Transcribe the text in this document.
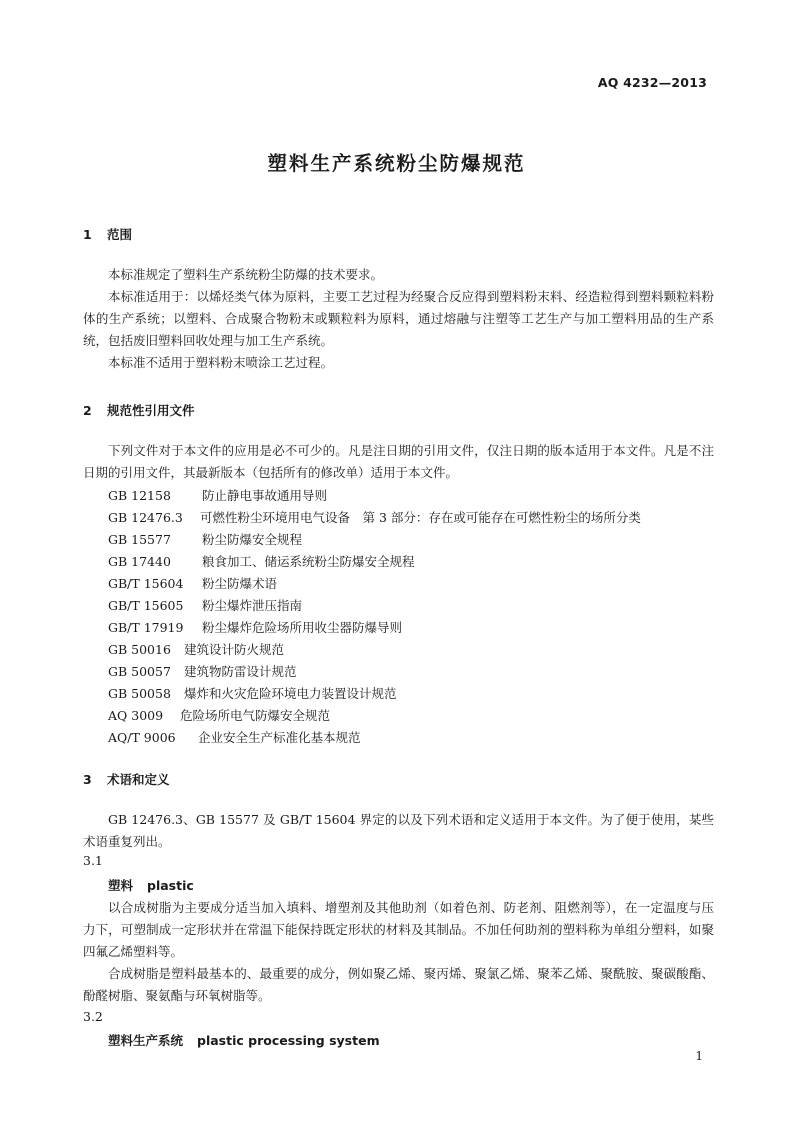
AQ 4232—2013
塑料生产系统粉尘防爆规范
1 范围
本标准规定了塑料生产系统粉尘防爆的技术要求。
本标准适用于：以烯烃类气体为原料，主要工艺过程为经聚合反应得到塑料粉末料、经造粒得到塑料颗粒料粉体的生产系统；以塑料、合成聚合物粉末或颗粒料为原料，通过熔融与注塑等工艺生产与加工塑料用品的生产系统，包括废旧塑料回收处理与加工生产系统。
本标准不适用于塑料粉末喷涂工艺过程。
2 规范性引用文件
下列文件对于本文件的应用是必不可少的。凡是注日期的引用文件，仅注日期的版本适用于本文件。凡是不注日期的引用文件，其最新版本（包括所有的修改单）适用于本文件。
GB 12158 防止静电事故通用导则
GB 12476.3 可燃性粉尘环境用电气设备　第 3 部分：存在或可能存在可燃性粉尘的场所分类
GB 15577 粉尘防爆安全规程
GB 17440 粮食加工、储运系统粉尘防爆安全规程
GB/T 15604 粉尘防爆术语
GB/T 15605 粉尘爆炸泄压指南
GB/T 17919 粉尘爆炸危险场所用收尘器防爆导则
GB 50016 建筑设计防火规范
GB 50057 建筑物防雷设计规范
GB 50058 爆炸和火灾危险环境电力装置设计规范
AQ 3009 危险场所电气防爆安全规范
AQ/T 9006 企业安全生产标准化基本规范
3 术语和定义
GB 12476.3、GB 15577 及 GB/T 15604 界定的以及下列术语和定义适用于本文件。为了便于使用，某些术语重复列出。
3.1
塑料 plastic
以合成树脂为主要成分适当加入填料、增塑剂及其他助剂（如着色剂、防老剂、阻燃剂等），在一定温度与压力下，可塑制成一定形状并在常温下能保持既定形状的材料及其制品。不加任何助剂的塑料称为单组分塑料，如聚四氟乙烯塑料等。
合成树脂是塑料最基本的、最重要的成分，例如聚乙烯、聚丙烯、聚氯乙烯、聚苯乙烯、聚酰胺、聚碳酸酯、酚醛树脂、聚氨酯与环氧树脂等。
3.2
塑料生产系统 plastic processing system
1
